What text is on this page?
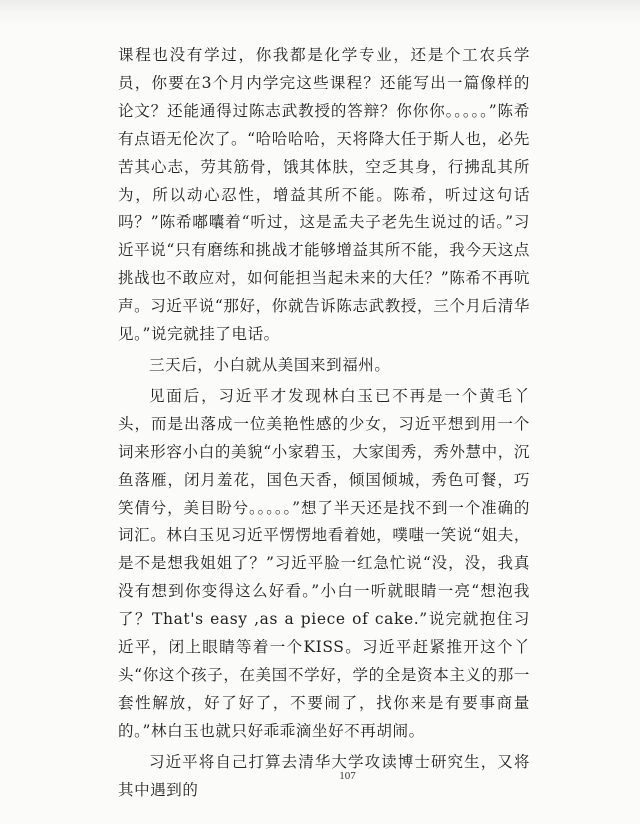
课程也没有学过，你我都是化学专业，还是个工农兵学员，你要在3个月内学完这些课程？还能写出一篇像样的论文？还能通得过陈志武教授的答辩？你你你。。。。。”陈希有点语无伦次了。“哈哈哈哈，天将降大任于斯人也，必先苦其心志，劳其筋骨，饿其体肤，空乏其身，行拂乱其所为，所以动心忍性，增益其所不能。陈希，听过这句话吗？”陈希嘟囔着“听过，这是孟夫子老先生说过的话。”习近平说“只有磨练和挑战才能够增益其所不能，我今天这点挑战也不敢应对，如何能担当起未来的大任？”陈希不再吭声。习近平说“那好，你就告诉陈志武教授，三个月后清华见。”说完就挂了电话。

三天后，小白就从美国来到福州。

见面后，习近平才发现林白玉已不再是一个黄毛丫头，而是出落成一位美艳性感的少女，习近平想到用一个词来形容小白的美貌“小家碧玉，大家闺秀，秀外慧中，沉鱼落雁，闭月羞花，国色天香，倾国倾城，秀色可餐，巧笑倩兮，美目盼兮。。。。。”想了半天还是找不到一个准确的词汇。林白玉见习近平愣愣地看着她，噗嗤一笑说“姐夫，是不是想我姐姐了？”习近平脸一红急忙说“没，没，我真没有想到你变得这么好看。”小白一听就眼睛一亮“想泡我了？That's easy ,as a piece of cake.”说完就抱住习近平，闭上眼睛等着一个KISS。习近平赶紧推开这个丫头“你这个孩子，在美国不学好，学的全是资本主义的那一套性解放，好了好了，不要闹了，找你来是有要事商量的。”林白玉也就只好乖乖滴坐好不再胡闹。

习近平将自己打算去清华大学攻读博士研究生，又将其中遇到的

107
